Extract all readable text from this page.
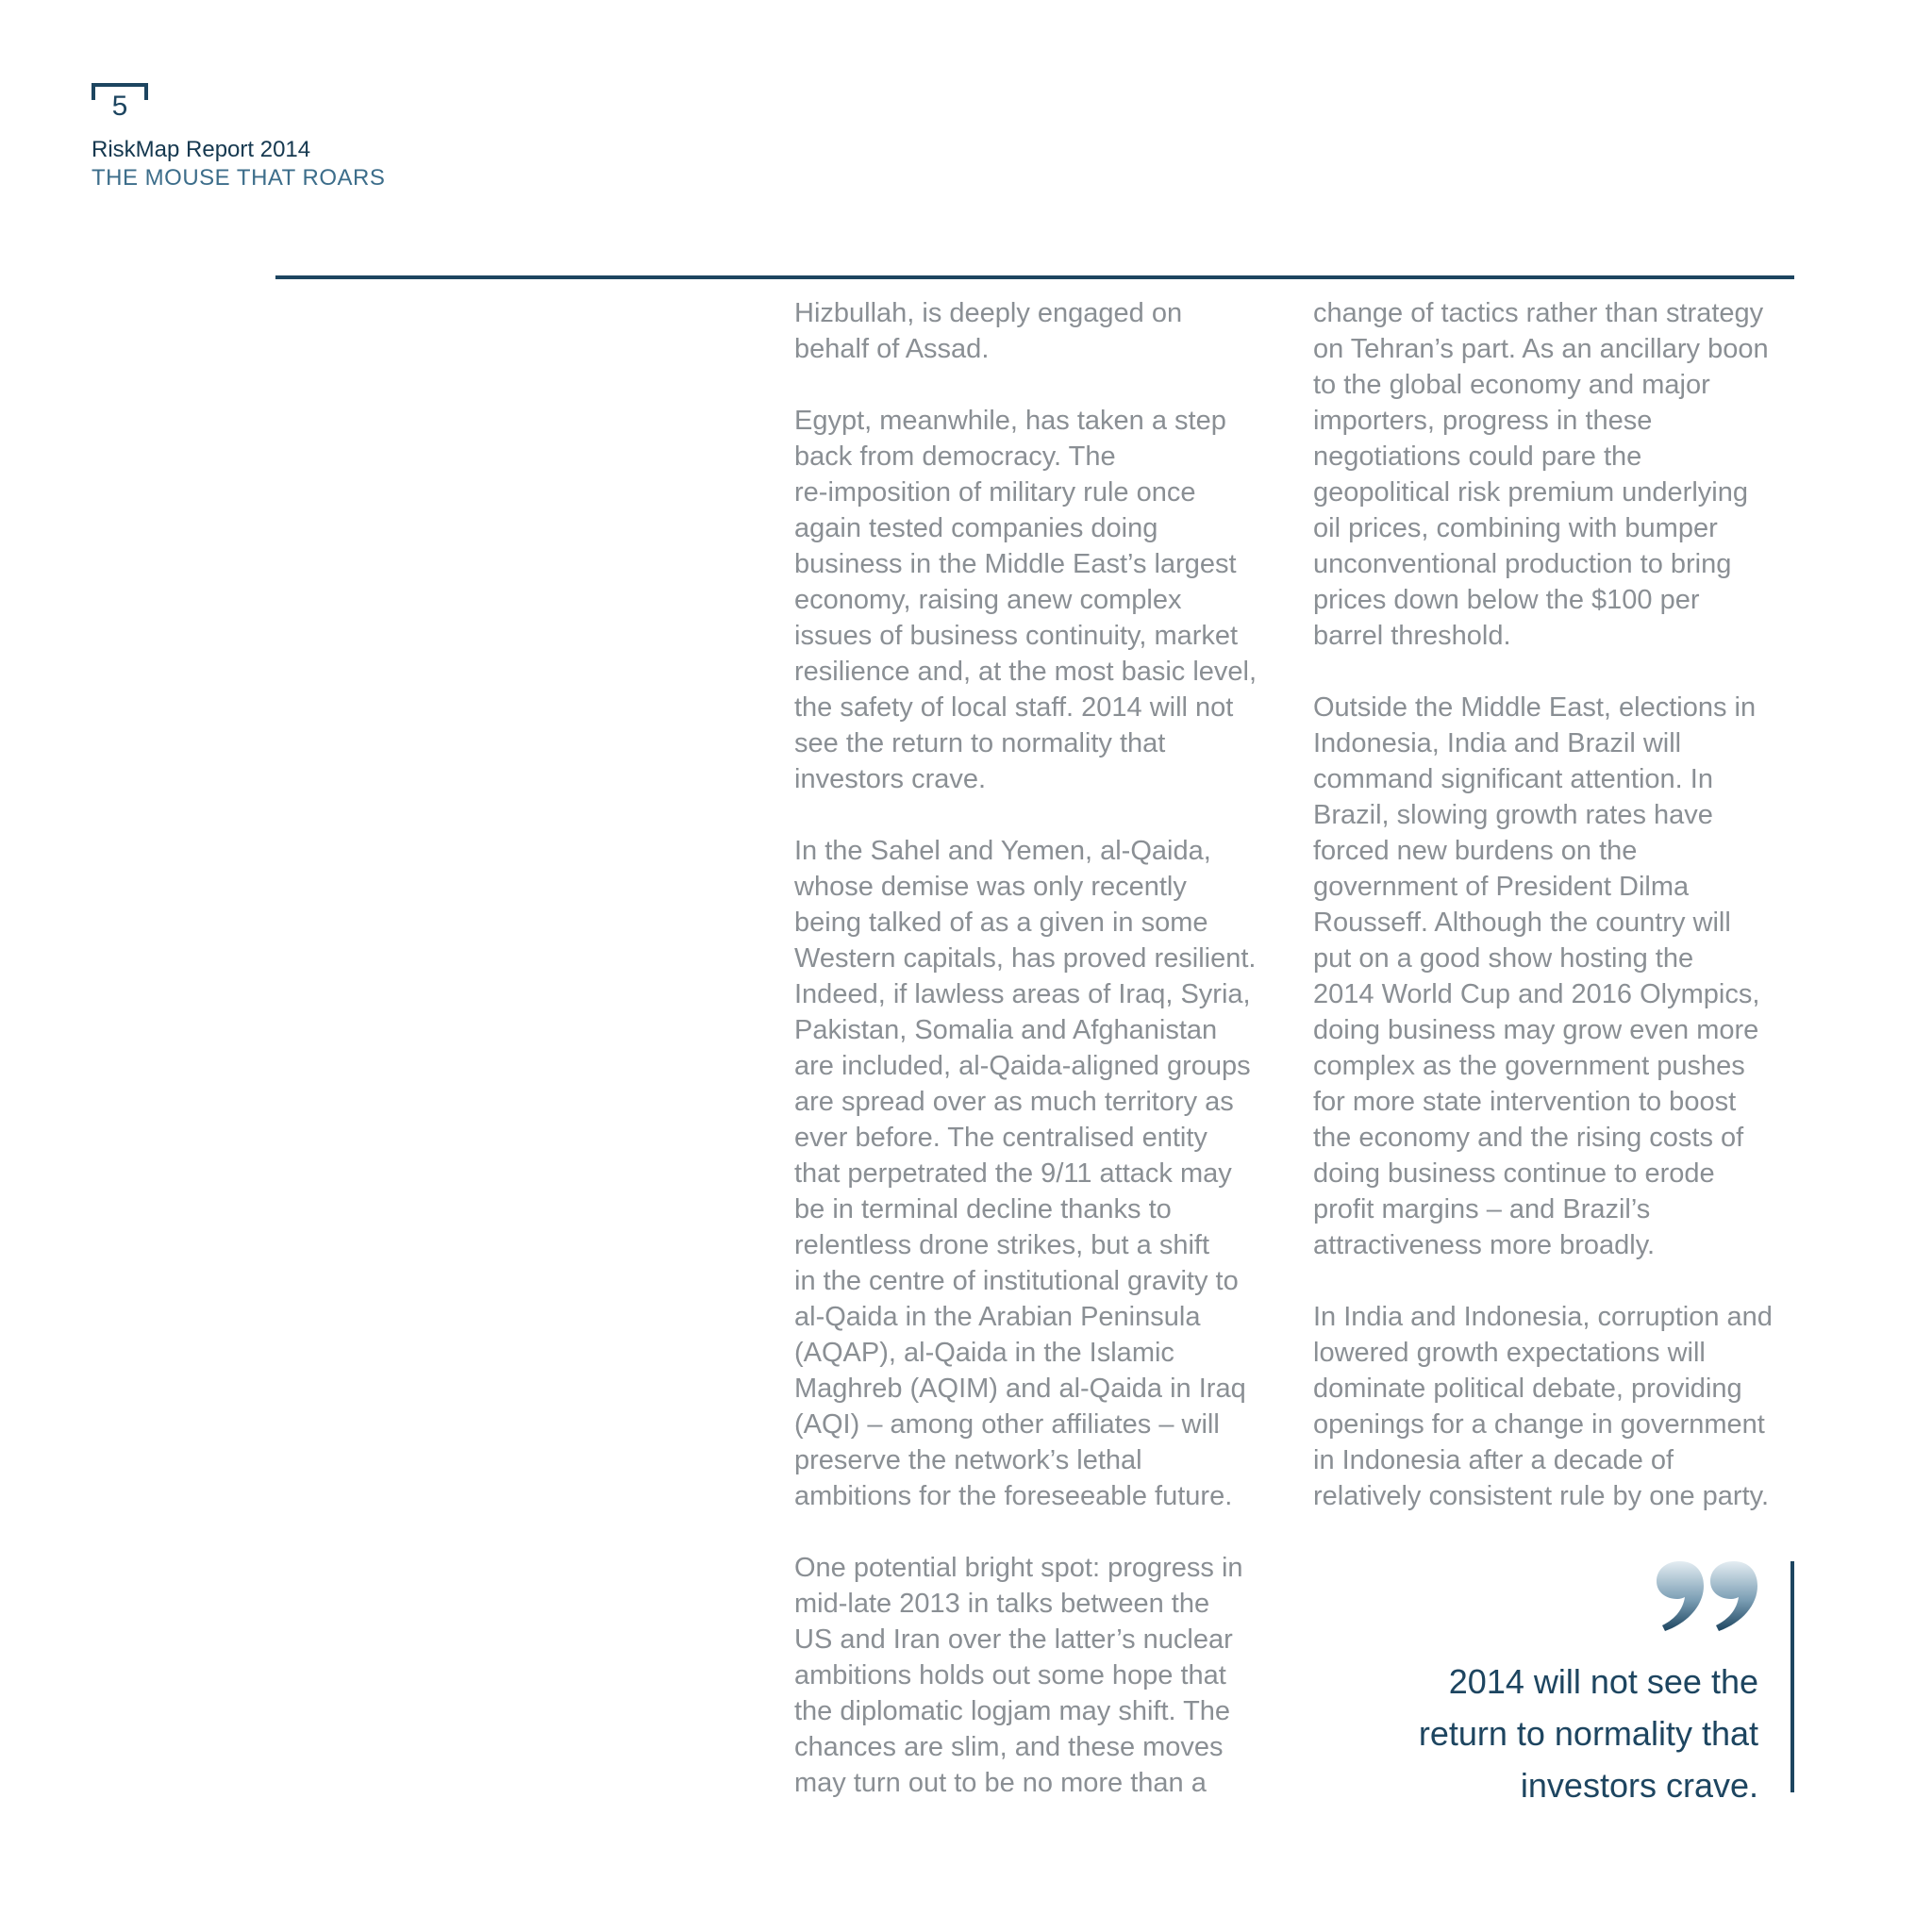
5
RiskMap Report 2014
THE MOUSE THAT ROARS

Hizbullah, is deeply engaged on
behalf of Assad.

Egypt, meanwhile, has taken a step
back from democracy. The
re-imposition of military rule once
again tested companies doing
business in the Middle East’s largest
economy, raising anew complex
issues of business continuity, market
resilience and, at the most basic level,
the safety of local staff. 2014 will not
see the return to normality that
investors crave.

In the Sahel and Yemen, al-Qaida,
whose demise was only recently
being talked of as a given in some
Western capitals, has proved resilient.
Indeed, if lawless areas of Iraq, Syria,
Pakistan, Somalia and Afghanistan
are included, al-Qaida-aligned groups
are spread over as much territory as
ever before. The centralised entity
that perpetrated the 9/11 attack may
be in terminal decline thanks to
relentless drone strikes, but a shift
in the centre of institutional gravity to
al-Qaida in the Arabian Peninsula
(AQAP), al-Qaida in the Islamic
Maghreb (AQIM) and al-Qaida in Iraq
(AQI) – among other affiliates – will
preserve the network’s lethal
ambitions for the foreseeable future.

One potential bright spot: progress in
mid-late 2013 in talks between the
US and Iran over the latter’s nuclear
ambitions holds out some hope that
the diplomatic logjam may shift. The
chances are slim, and these moves
may turn out to be no more than a

change of tactics rather than strategy
on Tehran’s part. As an ancillary boon
to the global economy and major
importers, progress in these
negotiations could pare the
geopolitical risk premium underlying
oil prices, combining with bumper
unconventional production to bring
prices down below the $100 per
barrel threshold.

Outside the Middle East, elections in
Indonesia, India and Brazil will
command significant attention. In
Brazil, slowing growth rates have
forced new burdens on the
government of President Dilma
Rousseff. Although the country will
put on a good show hosting the
2014 World Cup and 2016 Olympics,
doing business may grow even more
complex as the government pushes
for more state intervention to boost
the economy and the rising costs of
doing business continue to erode
profit margins – and Brazil’s
attractiveness more broadly.

In India and Indonesia, corruption and
lowered growth expectations will
dominate political debate, providing
openings for a change in government
in Indonesia after a decade of
relatively consistent rule by one party.

2014 will not see the
return to normality that
investors crave.
